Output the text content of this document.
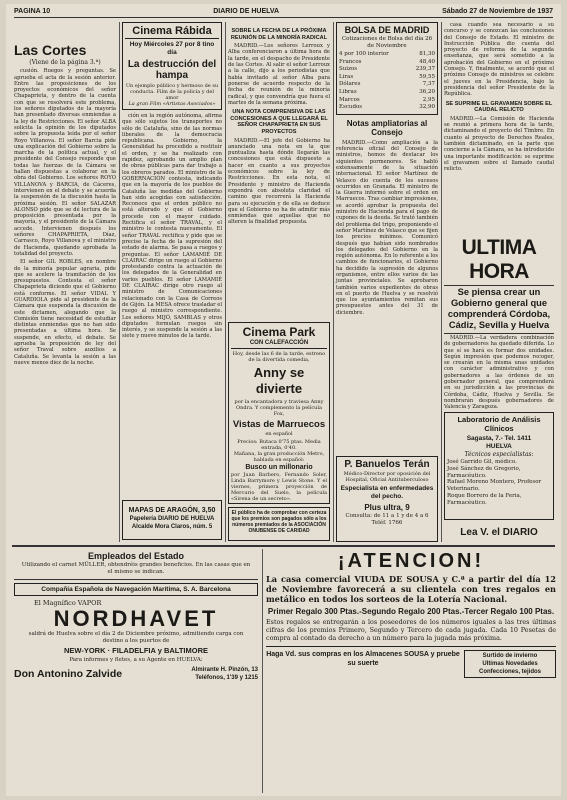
PAGINA 10	DIARIO DE HUELVA	Sábado 27 de Noviembre de 1937
Las Cortes
(Viene de la página 3.ª)

cusión. Ruegos y preguntas. Se aprueba el acta de la sesión anterior. Entre las proposiciones de los proyectos económicos del señor Chapaprieta, y dentro de la cuenta con que se resolverá este problema, los señores diputados de la mayoría han presentado diversas enmiendas a la ley de Restricciones. El señor ALBA solicita la opinión de los diputados sobre la propuesta leída por el señor Royo Villanova. El señor Barcia pide una explicación del Gobierno sobre la marcha de la política actual, y el presidente del Consejo responde que todas las fuerzas de la Cámara se hallan dispuestas a colaborar en la obra del Gobierno. Los señores ROYO VILLANOVA y BARCIA, de Cáceres, intervienen en el debate y se acuerda la suspensión de la discusión hasta la próxima sesión. El señor SALAZAR ALONSO pide que se dé lectura de la proposición presentada por la mayoría, y el presidente de la Cámara accede. Intervienen después los señores CHAPAPRIETA, Díaz, Carrasco, Royo Villanova y el ministro de Hacienda, quedando aprobada la totalidad del proyecto.

El señor GIL ROBLES, en nombre de la minoría popular agraria, pide que se acelere la tramitación de los presupuestos. Contesta el señor Chapaprieta diciendo que el Gobierno está conforme. El señor VIDAL Y GUARDIOLA pide al presidente de la Cámara que suspenda la discusión de este dictamen, alegando que la Comisión tiene necesidad de estudiar distintas enmiendas que no han sido presentadas a última hora. Se suspende, en efecto, el debate. Se aprueba la proposición de ley del señor Traval sobre auxilios a Cataluña. Se levanta la sesión a las nueve menos diez de la noche.

Cinema Rábida
Hoy Miércoles 27 por 8 tino día
La destrucción del hampa
Un ejemplo público y hermoso de su conducta. Film de la policía y del amor
La gran Film «Artistas Asociados»

ción en la región autónoma, afirma que sólo sujetos los transportes no sólo de Cataluña, sino de las normas liberales de la democracia republicana. Gobierno, la Generalidad ha procedido a restituir el orden, y se ha realizado con rapidez, aprobando un amplio plan de obras públicas para dar trabajo a los obreros parados. El ministro de la GOBERNACIÓN contesta, indicando que en la mayoría de los pueblos de Cataluña las medidas del Gobierno han sido acogidas con satisfacción. Reconoce que el orden público no está alterado y que el Gobierno procede con el mayor cuidado. Rectifica el señor TRAVAL, y el ministro le contesta nuevamente. El señor TRAVAL rectifica y pide que se precise la fecha de la supresión del estado de alarma. Se pasa a ruegos y preguntas. El señor LAMAMIÉ DE CLAIRAC dirige un ruego al Gobierno protestando contra la actuación de los delegados de la Generalidad en varios pueblos. El señor LAMAMIÉ DE CLAIRAC dirige otro ruego al ministro de Comunicaciones relacionado con la Casa de Correos de Gijón. La MESA ofrece trasladar el ruego al ministro correspondiente. Los señores MIJÓ, SAMBLAS y otros diputados formulan ruegos sin interés, y se suspende la sesión a las siete y nueve minutos de la tarde.

MAPAS DE ARAGÓN, 3,50
Papelería DIARIO DE HUELVA
Alcalde Mora Claros, núm. 5
SOBRE LA FECHA DE LA PRÓXIMA REUNIÓN DE LA MINORÍA RADICAL

MADRID.—Los señores Lerroux y Alba conferenciaron a última hora de la tarde, en el despacho de Presidente de las Cortes. Al salir el señor Lerroux a la calle, dijo a los periodistas que había invitado al señor Alba para ponerse de acuerdo respecto de la fecha de reunión de la minoría radical, y que convendría que fuera el martes de la semana próxima.

UNA NOTA COMPRENSIVA DE LAS CONCESIONES A QUE LLEGARÁ EL SEÑOR CHAPAPRIETA EN SUS PROYECTOS

MADRID.—El jefe del Gobierno ha anunciado una nota en la que puntualiza hasta dónde llegarán las concesiones que está dispuesto a hacer en cuanto a sus proyectos económicos sobre la ley de Restricciones. En esta nota, el Presidente y ministro de Hacienda expondrá con absoluta claridad el camino que recorrerá la Hacienda para su ejecución y de ella se deduce que el Gobierno no ha de admitir más enmiendas que aquellas que no alteren la finalidad propuesta.

Cinema Park
CON CALEFACCIÓN
Hoy, desde las 6 de la tarde, estreno de la divertida comedia,
Anny se divierte
por la encantadora y traviesa Anny Ondra. Y complemento la película Fox,
Vistas de Marruecos
en español
Precios: Butaca 0'75 ptas. Media entrada, 0'40.
Mañana, la gran producción Metro, hablada en español:
Busco un millonario
por Juan Barbero, Fernando Soler, Linda Barrymore y Lewis Stone. Y el viernes, primera proyección de Mercurio del Suelo, la película «Sirena de un secreto».
El público ha de comprobar con certeza que los premios son pagados sólo a los números premiados de la ASOCIACIÓN ONUBENSE DE CARIDAD
BOLSA DE MADRID
Cotizaciones de Bolsa del día 26 de Noviembre
4 por 100 interior	81,30
Francos	48,40
Suizos	239,37
Liras	59,55
Dólares	7,37
Libras	36,20
Marcos	2,95
Escudos	32,90
Notas ampliatorias al Consejo

MADRID.—Como ampliación a la referencia oficial del Consejo de ministros, hemos de destacar los siguientes pormenores. Se habló extensamente de la situación internacional. El señor Martínez de Velasco dio cuenta de los sucesos ocurridos en Granada. El ministro de la Guerra informó sobre el orden en Marruecos. Tras cambiar impresiones, se acordó aprobar la propuesta del ministro de Hacienda para el pago de cupones de la deuda. Se trató también del problema del trigo, proponiendo el señor Martínez de Velasco que se fijen los precios mínimos. Comunicó después que habían sido nombrados los delegados del Gobierno en la región autónoma. En lo referente a los cambios de funcionarios, el Gobierno ha decidido la supresión de algunos organismos, entre ellos varios de las juntas provinciales. Se aprobaron también varios expedientes de obras en el puerto de Huelva y se resolvió que los ayuntamientos remitan sus presupuestos antes del 31 de diciembre.

P. Banuelos Terán
Médico-Director por oposición del Hospital, Oficial Antituberculoso
Especialista en enfermedades del pecho.
Plus ultra, 9
Consulta: de 11 a 1 y de 4 a 6
Teléf. 1766

casa cuando sea necesario a su concurso y se conozcan las conclusiones del Consejo de Estado. El ministro de Instrucción Pública dio cuenta del proyecto de reforma de la segunda enseñanza, que será sometido a la aprobación del Gobierno en el próximo Consejo. Y, finalmente, se acordó que el próximo Consejo de ministros se celebre el jueves en la Presidencia, bajo la presidencia del señor Presidente de la República.

SE SUPRIME EL GRAVAMEN SOBRE EL CAUDAL RELICTO

MADRID.—La Comisión de Hacienda se reunió a primera hora de la tarde, dictaminando el proyecto del Timbre. En cuanto al proyecto de Derechos Reales, también dictaminado, en la parte que concierne a la Cámara, se ha introducido una importante modificación: se suprime el gravamen sobre el llamado caudal relicto.

ULTIMA HORA
Se piensa crear un Gobierno general que comprenderá Córdoba, Cádiz, Sevilla y Huelva

MADRID.—La verdadera combinación de gobernadores ha quedado diferida. Lo que sí se hará es formar dos unidades. Según impresión que podemos recoger, se crearán en la misma unas unidades con carácter administrativo y con gobernadores a las órdenes de un gobernador general, que comprenderá en su jurisdicción a las provincias de Córdoba, Cádiz, Huelva y Sevilla. Se nombrarán después gobernadores de Valencia y Zaragoza.

Laboratorio de Análisis Clínicos
Sagasta, 7.- Tel. 1411
HUELVA
Técnicos especialistas:
José Garrido Gil, médico.
José Sánchez de Gregorio, Farmacéutico.
Rafael Moreno Montero, Profesor Veterinario.
Roque Borrero de la Feria, Farmacéutico.
Lea V. el DIARIO
Empleados del Estado
Utilizando el carnet MÜLLER, obtendréis grandes beneficios. En las casas que en el mismo se indican.
Compañía Española de Navegación Marítima, S. A. Barcelona
El Magnífico VAPOR
NORDHAVET
saldrá de Huelva sobre el día 2 de Diciembre próximo, admitiendo carga con destino a los puertos de
NEW-YORK · FILADELFIA y BALTIMORE
Para informes y fletes, a su Agente en HUELVA:
Don Antonino Zalvide	Almirante H. Pinzón, 13
Teléfonos, 1'39 y 1215
¡ATENCION!
La casa comercial VIUDA DE SOUSA y C.ª a partir del día 12 de Noviembre favorecerá a su clientela con tres regalos en metálico en todos los sorteos de la Lotería Nacional.
Primer Regalo 300 Ptas.-Segundo Regalo 200 Ptas.-Tercer Regalo 100 Ptas.
Estos regalos se entregarán a los poseedores de los números iguales a las tres últimas cifras de los premios Primero, Segundo y Tercero de cada jugada. Cada 10 Pesetas de compra al contado da derecho a un número para la jugada más próxima.
Haga Vd. sus compras en los Almacenes SOUSA y pruebe su suerte
Surtido de invierno
Ultimas Novedades
Confecciones, tejidos
